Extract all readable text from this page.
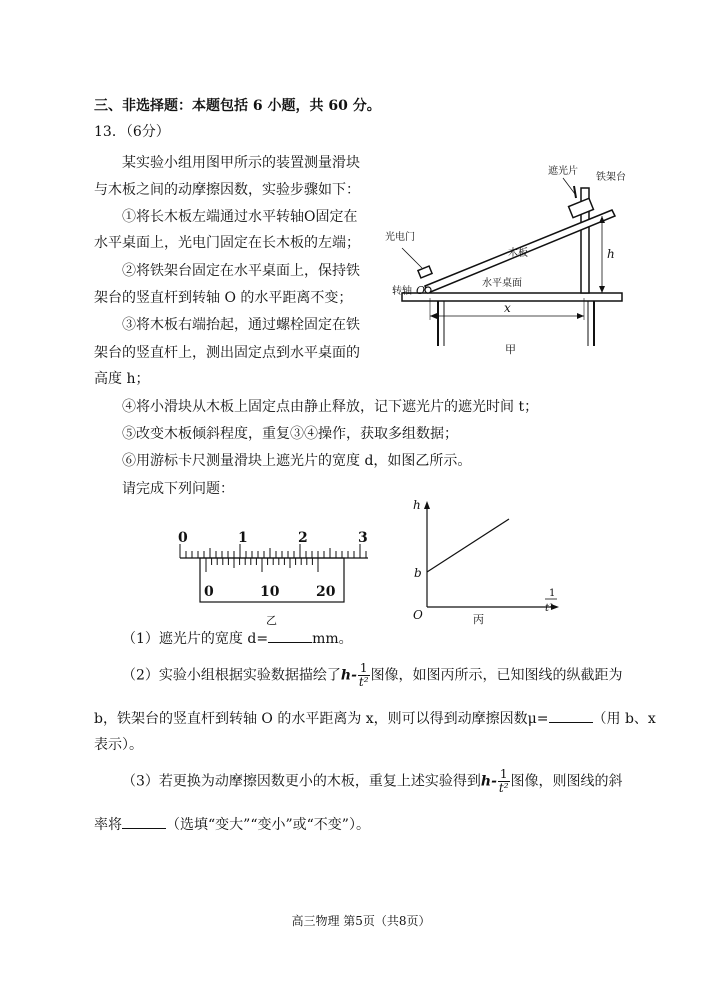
三、非选择题：本题包括 6 小题，共 60 分。
13．（6分）
某实验小组用图甲所示的装置测量滑块
与木板之间的动摩擦因数，实验步骤如下：
①将长木板左端通过水平转轴O固定在
水平桌面上，光电门固定在长木板的左端；
②将铁架台固定在水平桌面上，保持铁
架台的竖直杆到转轴 O 的水平距离不变；
③将木板右端抬起，通过螺栓固定在铁
架台的竖直杆上，测出固定点到水平桌面的
高度 h；
④将小滑块从木板上固定点由静止释放，记下遮光片的遮光时间 t；
⑤改变木板倾斜程度，重复③④操作，获取多组数据；
⑥用游标卡尺测量滑块上遮光片的宽度 d，如图乙所示。
请完成下列问题：
遮光片
铁架台
光电门
木板
水平桌面
转轴 O
h
x
甲
0	1	2	3
0	10	20
乙
h
b
O
1
t²
丙
（1）遮光片的宽度 d=	mm。
（2）实验小组根据实验数据描绘了$h- \frac{1}{\text{t²}}$ 图像，如图丙所示，已知图线的纵截距为
b，铁架台的竖直杆到转轴 O 的水平距离为 x，则可以得到动摩擦因数μ=	（用 b、x
表示）。
（3）若更换为动摩擦因数更小的木板，重复上述实验得到$h- \frac{1}{\text{t²}}$ 图像，则图线的斜
率将	（选填“变大”“变小”或“不变”）。
高三物理 第5页（共8页）
